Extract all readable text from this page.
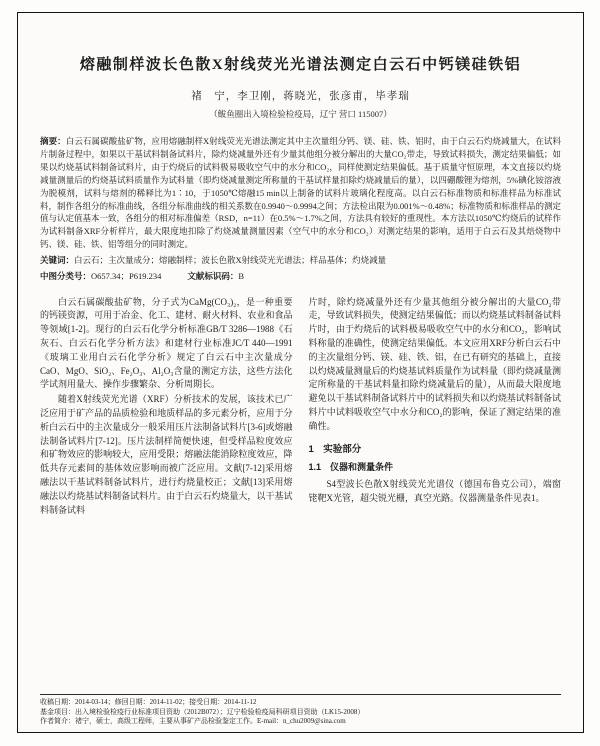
熔融制样波长色散X射线荧光光谱法测定白云石中钙镁硅铁铝
褚　宁，李卫刚，蒋晓光，张彦甫，毕孝瑞
（鲅鱼圈出入境检验检疫局，辽宁 营口 115007）

摘要：白云石属碳酸盐矿物，应用熔融制样X射线荧光光谱法测定其中主次量组分钙、镁、硅、铁、铝时，由于白云石灼烧减量大，在试料片制备过程中，如果以干基试料制备试料片，除灼烧减量外还有少量其他组分被分解出的大量CO₂带走，导致试料损失，测定结果偏低；如果以灼烧基试料制备试料片，由于灼烧后的试料极易吸收空气中的水分和CO₂，同样使测定结果偏低。基于质量守恒原理，本文直接以灼烧减量测量后的灼烧基试料质量作为试料量（即灼烧减量测定所称量的干基试样量扣除灼烧减量后的量），以四硼酸锂为熔剂，5%碘化铵溶液为脱模剂，试料与熔剂的稀释比为1∶10，于1050℃熔融15 min以上制备的试料片玻璃化程度高。以白云石标准物质和标准样品为标准试料，制作各组分的标准曲线，各组分标准曲线的相关系数在0.9940～0.9994之间；方法检出限为0.001%～0.48%；标准物质和标准样品的测定值与认定值基本一致，各组分的相对标准偏差（RSD，n=11）在0.5%～1.7%之间，方法具有较好的重现性。本方法以1050℃灼烧后的试样作为试料制备XRF分析样片，最大限度地扣除了灼烧减量测量因素（空气中的水分和CO₂）对测定结果的影响，适用于白云石及其焙烧物中钙、镁、硅、铁、铝等组分的同时测定。

关键词：白云石；主次量成分；熔融制样；波长色散X射线荧光光谱法；样品基体；灼烧减量

中图分类号：O657.34；P619.234	文献标识码：B

白云石属碳酸盐矿物，分子式为CaMg(CO₃)₂，是一种重要的钙镁资源，可用于冶金、化工、建材、耐火材料、农业和食品等领域[1-2]。现行的白云石化学分析标准GB/T 3286—1988《石灰石、白云石化学分析方法》和建材行业标准JC/T 440—1991《玻璃工业用白云石化学分析》规定了白云石中主次量成分CaO、MgO、SiO₂、Fe₂O₃、Al₂O₃含量的测定方法，这些方法化学试剂用量大、操作步骤繁杂、分析周期长。

随着X射线荧光光谱（XRF）分析技术的发展，该技术已广泛应用于矿产品的品质检验和地质样品的多元素分析，应用于分析白云石中的主次量成分一般采用压片法制备试料片[3-6]或熔融法制备试料片[7-12]。压片法制样简便快速，但受样品粒度效应和矿物效应的影响较大，应用受限；熔融法能消除粒度效应，降低共存元素间的基体效应影响而被广泛应用。文献[7-12]采用熔融法以干基试料制备试料片，进行灼烧量校正；文献[13]采用熔融法以灼烧基试料制备试料片。由于白云石灼烧量大，以干基试料制备试料

片时，除灼烧减量外还有少量其他组分被分解出的大量CO₂带走，导致试料损失，使测定结果偏低；而以灼烧基试料制备试料片时，由于灼烧后的试料极易吸收空气中的水分和CO₂，影响试料称量的准确性，使测定结果偏低。本文应用XRF分析白云石中的主次量组分钙、镁、硅、铁、铝，在已有研究的基础上，直接以灼烧减量测量后的灼烧基试料质量作为试料量（即灼烧减量测定所称量的干基试料量扣除灼烧减量后的量），从而最大限度地避免以干基试料制备试料片中的试料损失和以灼烧基试料制备试料片中试料吸收空气中水分和CO₂的影响，保证了测定结果的准确性。

1　实验部分
1.1　仪器和测量条件

S4型波长色散X射线荧光光谱仪（德国布鲁克公司），端窗铑靶X光管，超尖锐光栅，真空光路。仪器测量条件见表1。

收稿日期：2014-03-14；修回日期：2014-11-02；接受日期：2014-11-12

基金项目：出入境检验检疫行业标准项目资助（2012B072）；辽宁检验检疫局科研项目资助（LK15-2008）

作者简介：褚宁，硕士，高级工程师，主要从事矿产品检验鉴定工作。E-mail：n_chu2009@sina.com
